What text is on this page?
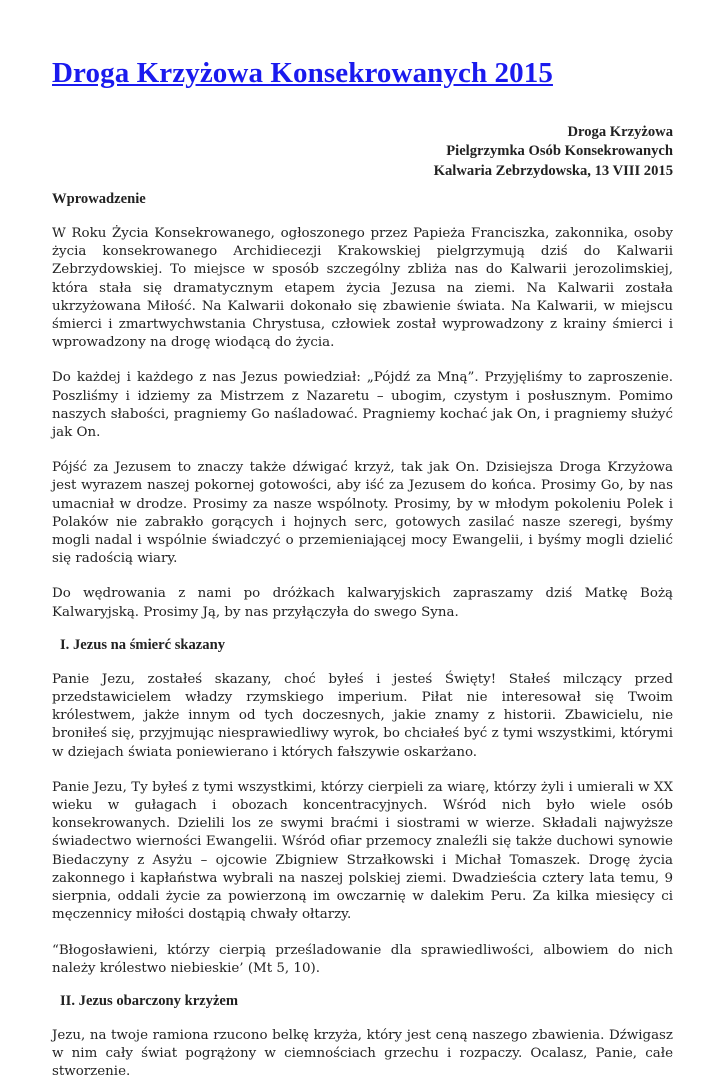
Droga Krzyżowa Konsekrowanych 2015
Droga Krzyżowa
Pielgrzymka Osób Konsekrowanych
Kalwaria Zebrzydowska, 13 VIII 2015

Wprowadzenie

W Roku Życia Konsekrowanego, ogłoszonego przez Papieża Franciszka, zakonnika, osoby życia konsekrowanego Archidiecezji Krakowskiej pielgrzymują dziś do Kalwarii Zebrzydowskiej. To miejsce w sposób szczególny zbliża nas do Kalwarii jerozolimskiej, która stała się dramatycznym etapem życia Jezusa na ziemi. Na Kalwarii została ukrzyżowana Miłość. Na Kalwarii dokonało się zbawienie świata. Na Kalwarii, w miejscu śmierci i zmartwychwstania Chrystusa, człowiek został wyprowadzony z krainy śmierci i wprowadzony na drogę wiodącą do życia.

Do każdej i każdego z nas Jezus powiedział: „Pójdź za Mną”. Przyjęliśmy to zaproszenie. Poszliśmy i idziemy za Mistrzem z Nazaretu – ubogim, czystym i posłusznym. Pomimo naszych słabości, pragniemy Go naśladować. Pragniemy kochać jak On, i pragniemy służyć jak On.

Pójść za Jezusem to znaczy także dźwigać krzyż, tak jak On. Dzisiejsza Droga Krzyżowa jest wyrazem naszej pokornej gotowości, aby iść za Jezusem do końca. Prosimy Go, by nas umacniał w drodze. Prosimy za nasze wspólnoty. Prosimy, by w młodym pokoleniu Polek i Polaków nie zabrakło gorących i hojnych serc, gotowych zasilać nasze szeregi, byśmy mogli nadal i wspólnie świadczyć o przemieniającej mocy Ewangelii, i byśmy mogli dzielić się radością wiary.

Do wędrowania z nami po dróżkach kalwaryjskich zapraszamy dziś Matkę Bożą Kalwaryjską. Prosimy Ją, by nas przyłączyła do swego Syna.

I. Jezus na śmierć skazany

Panie Jezu, zostałeś skazany, choć byłeś i jesteś Święty! Stałeś milczący przed przedstawicielem władzy rzymskiego imperium. Piłat nie interesował się Twoim królestwem, jakże innym od tych doczesnych, jakie znamy z historii. Zbawicielu, nie broniłeś się, przyjmując niesprawiedliwy wyrok, bo chciałeś być z tymi wszystkimi, którymi w dziejach świata poniewierano i których fałszywie oskarżano.

Panie Jezu, Ty byłeś z tymi wszystkimi, którzy cierpieli za wiarę, którzy żyli i umierali w XX wieku w gułagach i obozach koncentracyjnych. Wśród nich było wiele osób konsekrowanych. Dzielili los ze swymi braćmi i siostrami w wierze. Składali najwyższe świadectwo wierności Ewangelii. Wśród ofiar przemocy znaleźli się także duchowi synowie Biedaczyny z Asyżu – ojcowie Zbigniew Strzałkowski i Michał Tomaszek. Drogę życia zakonnego i kapłaństwa wybrali na naszej polskiej ziemi. Dwadzieścia cztery lata temu, 9 sierpnia, oddali życie za powierzoną im owczarnię w dalekim Peru. Za kilka miesięcy ci męczennicy miłości dostąpią chwały ołtarzy.

“Błogosławieni, którzy cierpią prześladowanie dla sprawiedliwości, albowiem do nich należy królestwo niebieskie’ (Mt 5, 10).

II. Jezus obarczony krzyżem

Jezu, na twoje ramiona rzucono belkę krzyża, który jest ceną naszego zbawienia. Dźwigasz w nim cały świat pogrążony w ciemnościach grzechu i rozpaczy. Ocalasz, Panie, całe stworzenie.
